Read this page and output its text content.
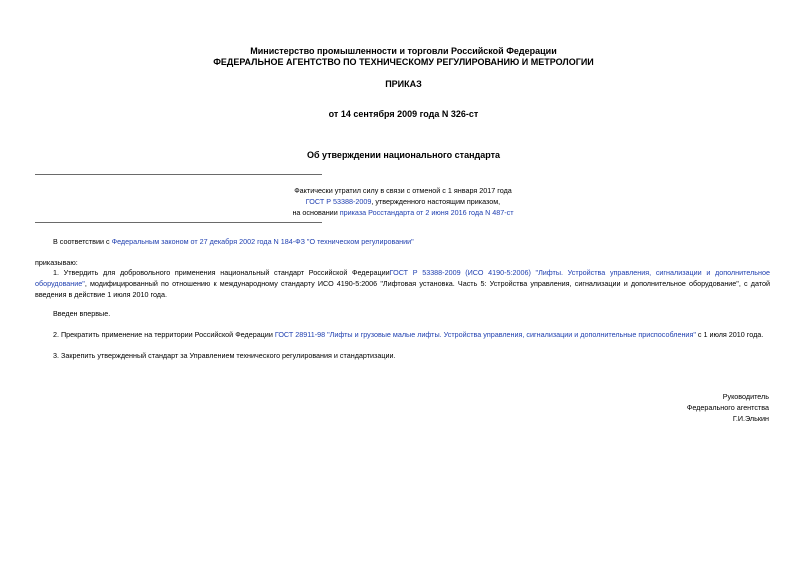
Министерство промышленности и торговли Российской Федерации
ФЕДЕРАЛЬНОЕ АГЕНТСТВО ПО ТЕХНИЧЕСКОМУ РЕГУЛИРОВАНИЮ И МЕТРОЛОГИИ
ПРИКАЗ
от 14 сентября 2009 года N 326-ст
Об утверждении национального стандарта
Фактически утратил силу в связи с отменой с 1 января 2017 года
ГОСТ Р 53388-2009, утвержденного настоящим приказом,
на основании приказа Росстандарта от 2 июня 2016 года N 487-ст
В соответствии с Федеральным законом от 27 декабря 2002 года N 184-ФЗ "О техническом регулировании"
приказываю:
1. Утвердить для добровольного применения национальный стандарт Российской ФедерацииГОСТ Р 53388-2009 (ИСО 4190-5:2006) "Лифты. Устройства управления, сигнализации и дополнительное оборудование", модифицированный по отношению к международному стандарту ИСО 4190-5:2006 "Лифтовая установка. Часть 5: Устройства управления, сигнализации и дополнительное оборудование", с датой введения в действие 1 июля 2010 года.
Введен впервые.
2. Прекратить применение на территории Российской Федерации ГОСТ 28911-98 "Лифты и грузовые малые лифты. Устройства управления, сигнализации и дополнительные приспособления" с 1 июля 2010 года.
3. Закрепить утвержденный стандарт за Управлением технического регулирования и стандартизации.
Руководитель
Федерального агентства
Г.И.Элькин
